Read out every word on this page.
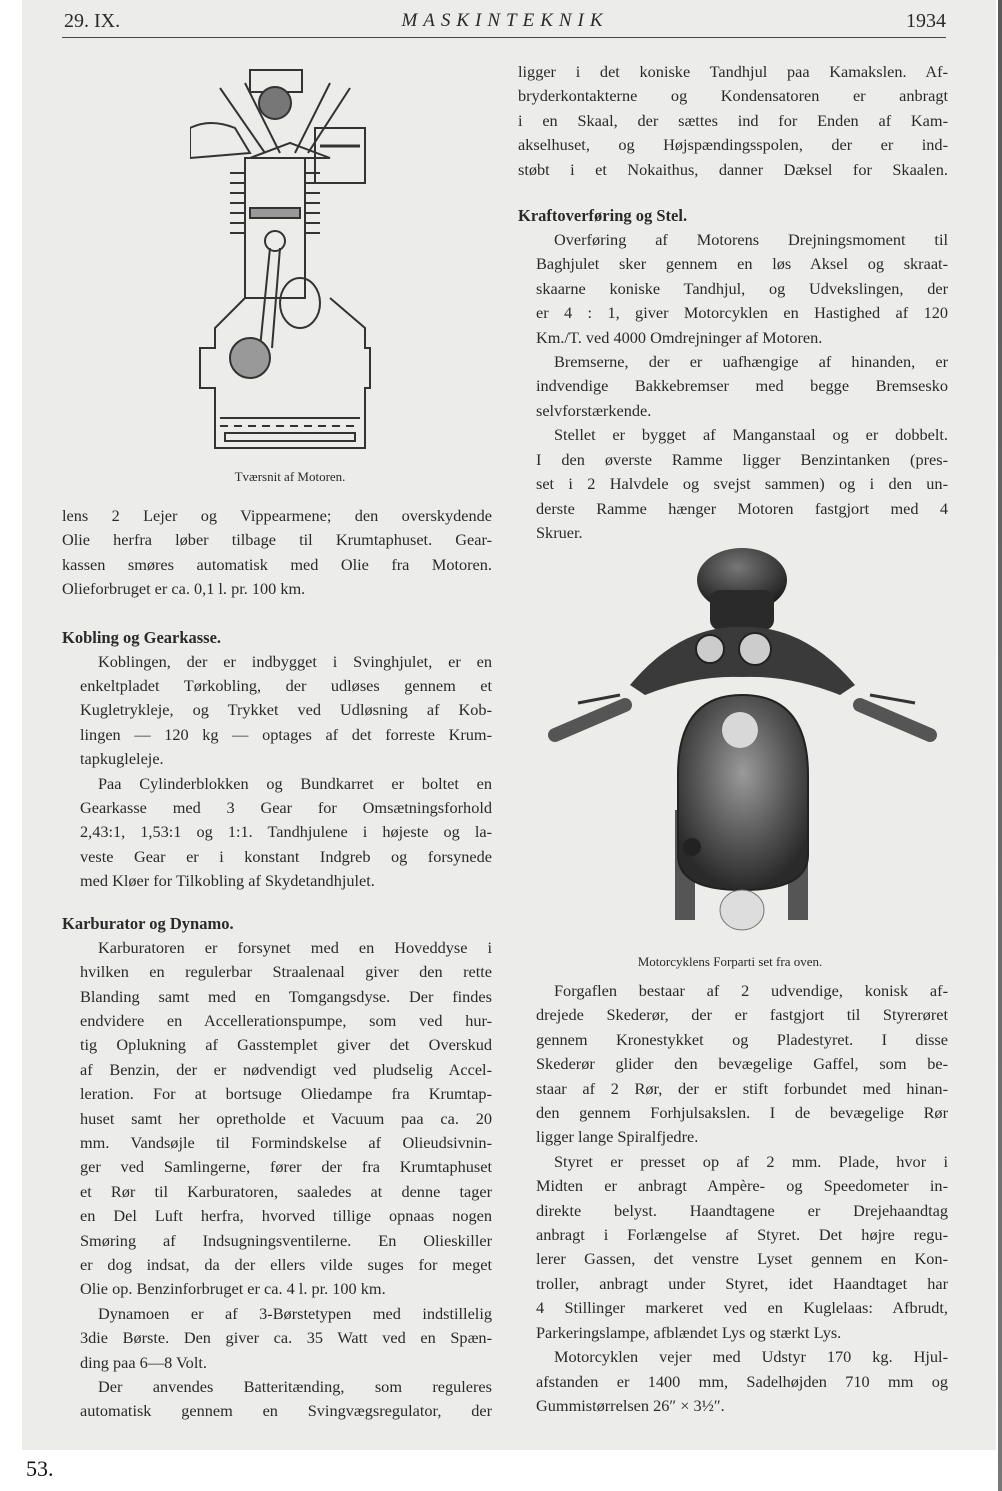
29. IX.	MASKINTEKNIK	1934
Tværsnit af Motoren.
lens 2 Lejer og Vippearmene; den overskydende
Olie herfra løber tilbage til Krumtaphuset. Gear-
kassen smøres automatisk med Olie fra Motoren.
Olieforbruget er ca. 0,1 l. pr. 100 km.
Kobling og Gearkasse.
Koblingen, der er indbygget i Svinghjulet, er en
enkeltpladet Tørkobling, der udløses gennem et
Kugletrykleje, og Trykket ved Udløsning af Kob-
lingen — 120 kg — optages af det forreste Krum-
tapkugleleje.
Paa Cylinderblokken og Bundkarret er boltet en
Gearkasse med 3 Gear for Omsætningsforhold
2,43:1, 1,53:1 og 1:1. Tandhjulene i højeste og la-
veste Gear er i konstant Indgreb og forsynede
med Kløer for Tilkobling af Skydetandhjulet.
Karburator og Dynamo.
Karburatoren er forsynet med en Hoveddyse i
hvilken en regulerbar Straalenaal giver den rette
Blanding samt med en Tomgangsdyse. Der findes
endvidere en Accellerationspumpe, som ved hur-
tig Oplukning af Gasstemplet giver det Overskud
af Benzin, der er nødvendigt ved pludselig Accel-
leration. For at bortsuge Oliedampe fra Krumtap-
huset samt her opretholde et Vacuum paa ca. 20
mm. Vandsøjle til Formindskelse af Olieudsivnin-
ger ved Samlingerne, fører der fra Krumtaphuset
et Rør til Karburatoren, saaledes at denne tager
en Del Luft herfra, hvorved tillige opnaas nogen
Smøring af Indsugningsventilerne. En Olieskiller
er dog indsat, da der ellers vilde suges for meget
Olie op. Benzinforbruget er ca. 4 l. pr. 100 km.
Dynamoen er af 3-Børstetypen med indstillelig
3die Børste. Den giver ca. 35 Watt ved en Spæn-
ding paa 6—8 Volt.
Der anvendes Batteritænding, som reguleres
automatisk gennem en Svingvægsregulator, der
ligger i det koniske Tandhjul paa Kamakslen. Af-
bryderkontakterne og Kondensatoren er anbragt
i en Skaal, der sættes ind for Enden af Kam-
akselhuset, og Højspændingsspolen, der er ind-
støbt i et Nokaithus, danner Dæksel for Skaalen.
Kraftoverføring og Stel.
Overføring af Motorens Drejningsmoment til
Baghjulet sker gennem en løs Aksel og skraat-
skaarne koniske Tandhjul, og Udvekslingen, der
er 4 : 1, giver Motorcyklen en Hastighed af 120
Km./T. ved 4000 Omdrejninger af Motoren.
Bremserne, der er uafhængige af hinanden, er
indvendige Bakkebremser med begge Bremsesko
selvforstærkende.
Stellet er bygget af Manganstaal og er dobbelt.
I den øverste Ramme ligger Benzintanken (pres-
set i 2 Halvdele og svejst sammen) og i den un-
derste Ramme hænger Motoren fastgjort med 4
Skruer.
Motorcyklens Forparti set fra oven.
Forgaflen bestaar af 2 udvendige, konisk af-
drejede Skederør, der er fastgjort til Styrerøret
gennem Kronestykket og Pladestyret. I disse
Skederør glider den bevægelige Gaffel, som be-
staar af 2 Rør, der er stift forbundet med hinan-
den gennem Forhjulsakslen. I de bevægelige Rør
ligger lange Spiralfjedre.
Styret er presset op af 2 mm. Plade, hvor i
Midten er anbragt Ampère- og Speedometer in-
direkte belyst. Haandtagene er Drejehaandtag
anbragt i Forlængelse af Styret. Det højre regu-
lerer Gassen, det venstre Lyset gennem en Kon-
troller, anbragt under Styret, idet Haandtaget har
4 Stillinger markeret ved en Kuglelaas: Afbrudt,
Parkeringslampe, afblændet Lys og stærkt Lys.
Motorcyklen vejer med Udstyr 170 kg. Hjul-
afstanden er 1400 mm, Sadelhøjden 710 mm og
Gummistørrelsen 26″ × 3½″.
53.
